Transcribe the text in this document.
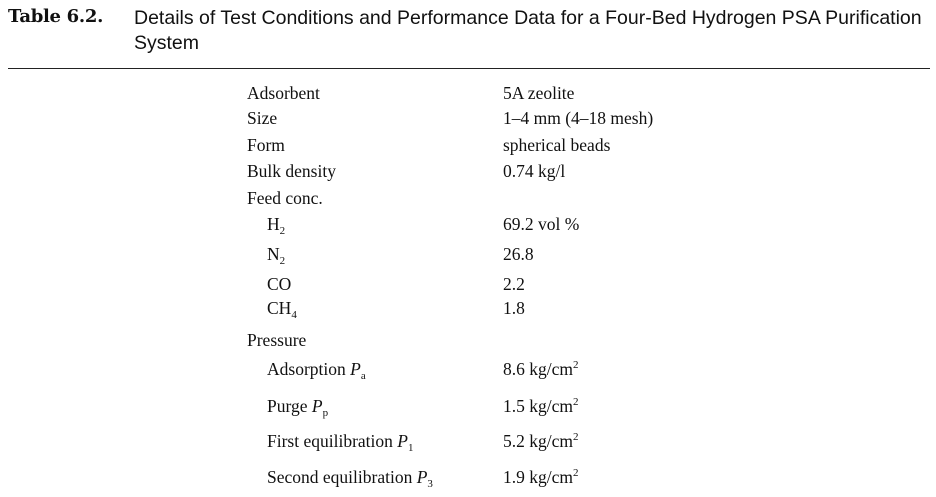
Table 6.2. Details of Test Conditions and Performance Data for a Four-Bed Hydrogen PSA Purification System
Adsorbent	5A zeolite
Size	1–4 mm (4–18 mesh)
Form	spherical beads
Bulk density	0.74 kg/l
Feed conc.
$H_2$	69.2 vol %
$N_2$	26.8
CO	2.2
$CH_4$	1.8
Pressure
Adsorption $P_a$	8.6 $kg/cm^2$
Purge $P_p$	1.5 $kg/cm^2$
First equilibration $P_1$	5.2 $kg/cm^2$
Second equilibration $P_3$	1.9 $kg/cm^2$
